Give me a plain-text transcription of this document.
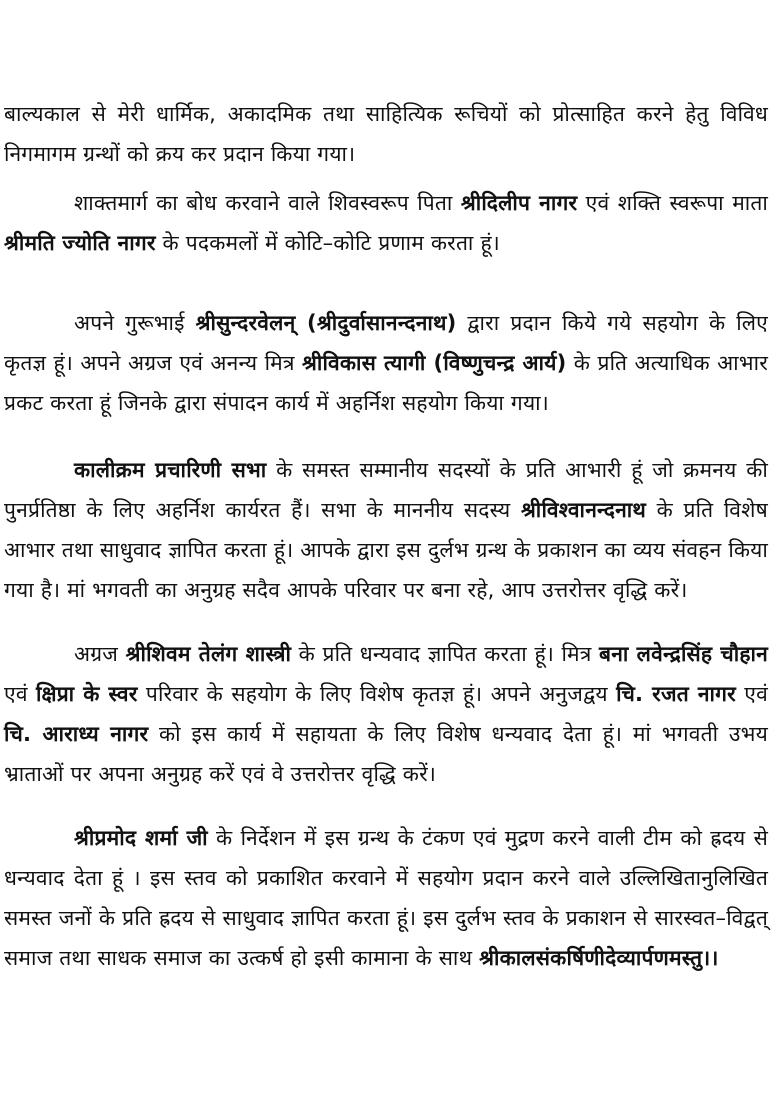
बाल्यकाल से मेरी धार्मिक, अकादमिक तथा साहित्यिक रूचियों को प्रोत्साहित करने हेतु विविध निगमागम ग्रन्थों को क्रय कर प्रदान किया गया।

शाक्तमार्ग का बोध करवाने वाले शिवस्वरूप पिता श्रीदिलीप नागर एवं शक्ति स्वरूपा माता श्रीमति ज्योति नागर के पदकमलों में कोटि–कोटि प्रणाम करता हूं।

अपने गुरूभाई श्रीसुन्दरवेलन् (श्रीदुर्वासानन्दनाथ) द्वारा प्रदान किये गये सहयोग के लिए कृतज्ञ हूं। अपने अग्रज एवं अनन्य मित्र श्रीविकास त्यागी (विष्णुचन्द्र आर्य) के प्रति अत्याधिक आभार प्रकट करता हूं जिनके द्वारा संपादन कार्य में अहर्निश सहयोग किया गया।

कालीक्रम प्रचारिणी सभा के समस्त सम्मानीय सदस्यों के प्रति आभारी हूं जो क्रमनय की पुनर्प्रतिष्ठा के लिए अहर्निश कार्यरत हैं। सभा के माननीय सदस्य श्रीविश्वानन्दनाथ के प्रति विशेष आभार तथा साधुवाद ज्ञापित करता हूं। आपके द्वारा इस दुर्लभ ग्रन्थ के प्रकाशन का व्यय संवहन किया गया है। मां भगवती का अनुग्रह सदैव आपके परिवार पर बना रहे, आप उत्तरोत्तर वृद्धि करें।

अग्रज श्रीशिवम तेलंग शास्त्री के प्रति धन्यवाद ज्ञापित करता हूं। मित्र बना लवेन्द्रसिंह चौहान एवं क्षिप्रा के स्वर परिवार के सहयोग के लिए विशेष कृतज्ञ हूं। अपने अनुजद्वय चि. रजत नागर एवं चि. आराध्य नागर को इस कार्य में सहायता के लिए विशेष धन्यवाद देता हूं। मां भगवती उभय भ्राताओं पर अपना अनुग्रह करें एवं वे उत्तरोत्तर वृद्धि करें।

श्रीप्रमोद शर्मा जी के निर्देशन में इस ग्रन्थ के टंकण एवं मुद्रण करने वाली टीम को ह्रदय से धन्यवाद देता हूं । इस स्तव को प्रकाशित करवाने में सहयोग प्रदान करने वाले उल्लिखितानुलिखित समस्त जनों के प्रति ह्रदय से साधुवाद ज्ञापित करता हूं। इस दुर्लभ स्तव के प्रकाशन से सारस्वत–विद्वत् समाज तथा साधक समाज का उत्कर्ष हो इसी कामाना के साथ श्रीकालसंकर्षिणीदेव्यार्पणमस्तु।।
